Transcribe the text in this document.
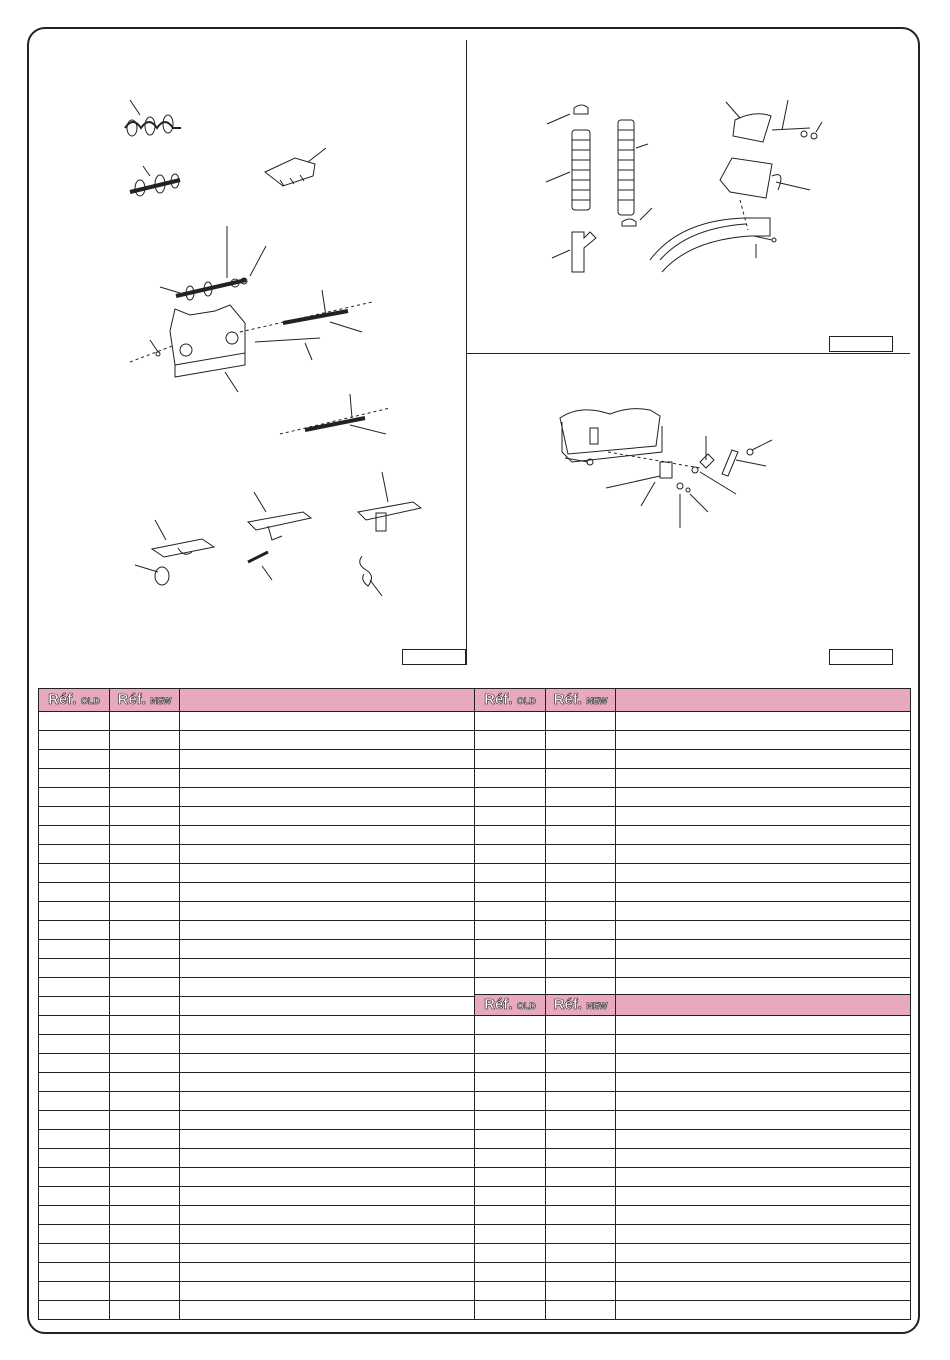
Réf. OLD	Réf. NEW	

			Réf. OLD	Réf. NEW	

Réf. OLD	Réf. NEW	
